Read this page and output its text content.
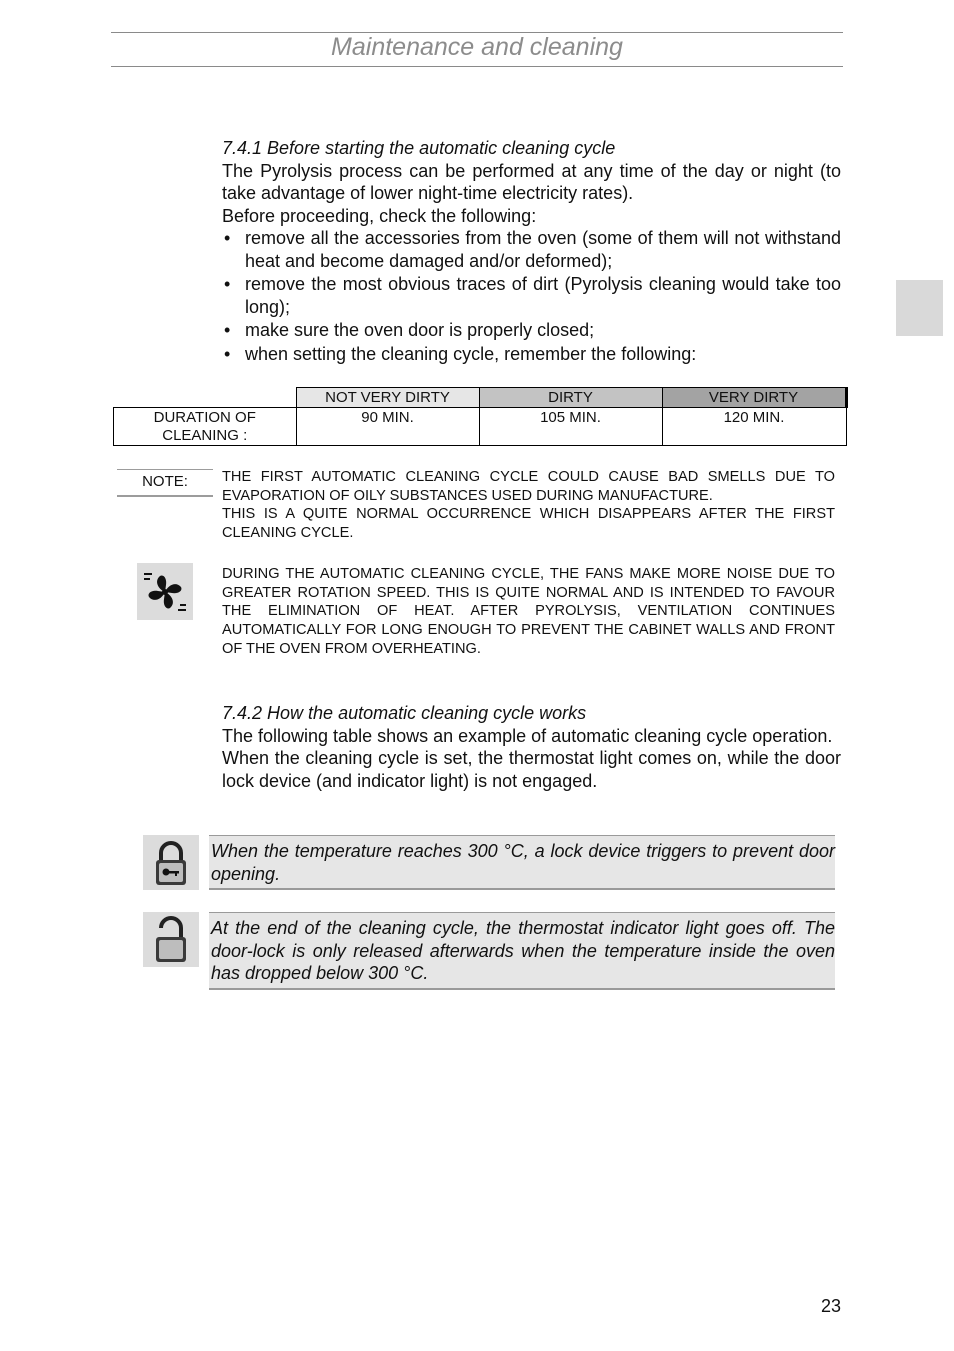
Maintenance and cleaning
7.4.1 Before starting the automatic cleaning cycle
The Pyrolysis process can be performed at any time of the day or night (to take advantage of lower night-time electricity rates).
Before proceeding, check the following:
• remove all the accessories from the oven (some of them will not withstand heat and become damaged and/or deformed);
• remove the most obvious traces of dirt (Pyrolysis cleaning would take too long);
• make sure the oven door is properly closed;
• when setting the cleaning cycle, remember the following:
	NOT VERY DIRTY	DIRTY	VERY DIRTY
DURATION OF CLEANING :	90 MIN.	105 MIN.	120 MIN.
NOTE:	THE FIRST AUTOMATIC CLEANING CYCLE COULD CAUSE BAD SMELLS DUE TO EVAPORATION OF OILY SUBSTANCES USED DURING MANUFACTURE.
THIS IS A QUITE NORMAL OCCURRENCE WHICH DISAPPEARS AFTER THE FIRST CLEANING CYCLE.
DURING THE AUTOMATIC CLEANING CYCLE, THE FANS MAKE MORE NOISE DUE TO GREATER ROTATION SPEED. THIS IS QUITE NORMAL AND IS INTENDED TO FAVOUR THE ELIMINATION OF HEAT. AFTER PYROLYSIS, VENTILATION CONTINUES AUTOMATICALLY FOR LONG ENOUGH TO PREVENT THE CABINET WALLS AND FRONT OF THE OVEN FROM OVERHEATING.
7.4.2 How the automatic cleaning cycle works
The following table shows an example of automatic cleaning cycle operation.
When the cleaning cycle is set, the thermostat light comes on, while the door lock device (and indicator light) is not engaged.
When the temperature reaches 300 °C, a lock device triggers to prevent door opening.
At the end of the cleaning cycle, the thermostat indicator light goes off. The door-lock is only released afterwards when the temperature inside the oven has dropped below 300 °C.
23
